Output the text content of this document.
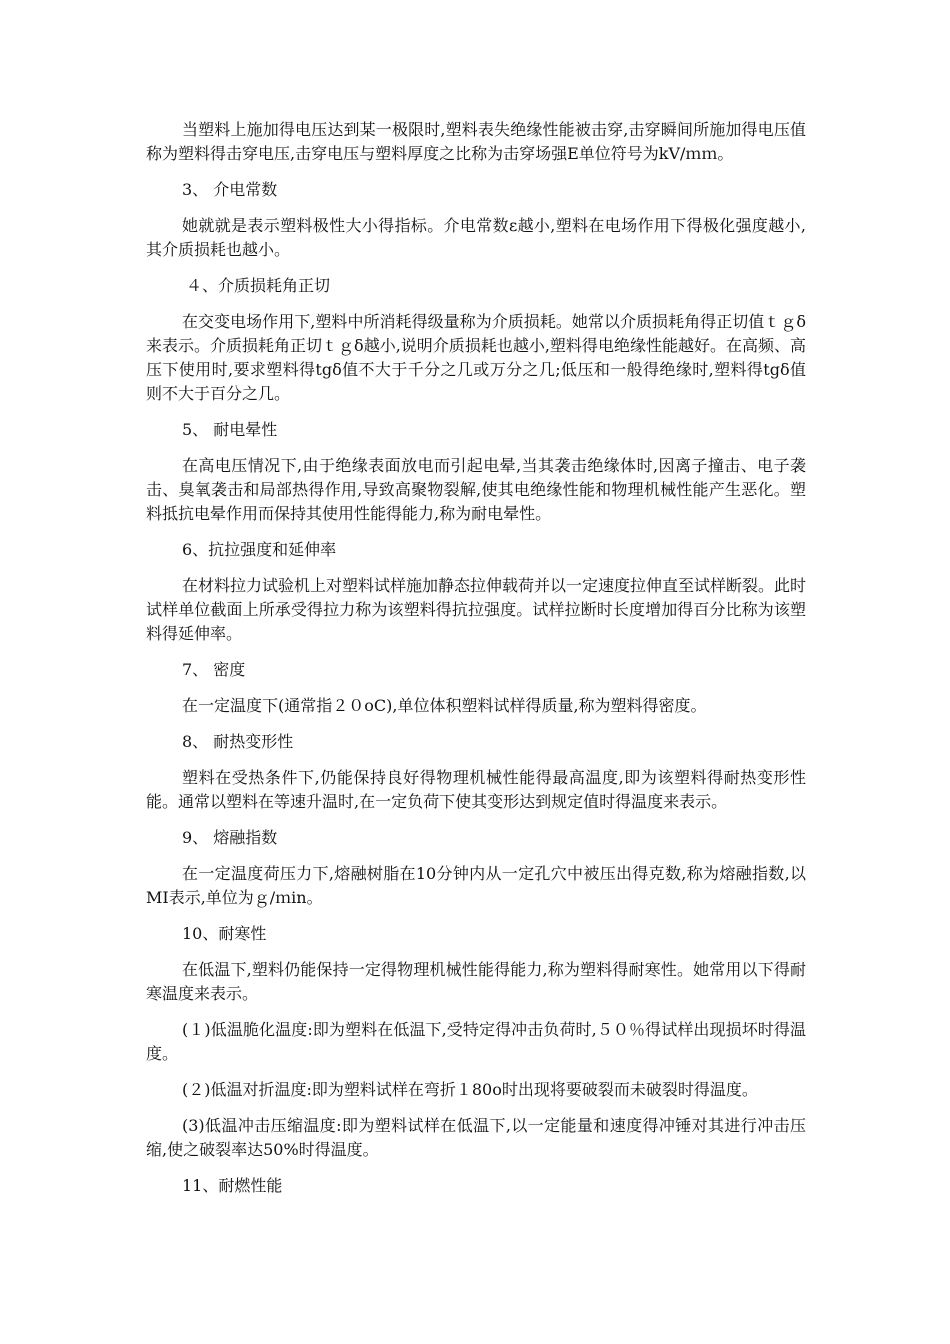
当塑料上施加得电压达到某一极限时,塑料表失绝缘性能被击穿,击穿瞬间所施加得电压值称为塑料得击穿电压,击穿电压与塑料厚度之比称为击穿场强E单位符号为kV/ｍｍ。

3、 介电常数

她就就是表示塑料极性大小得指标。介电常数ε越小,塑料在电场作用下得极化强度越小,其介质损耗也越小。

４、介质损耗角正切

在交变电场作用下,塑料中所消耗得级量称为介质损耗。她常以介质损耗角得正切值ｔｇδ来表示。介质损耗角正切ｔｇδ越小,说明介质损耗也越小,塑料得电绝缘性能越好。在高频、高压下使用时,要求塑料得tgδ值不大于千分之几或万分之几;低压和一般得绝缘时,塑料得tgδ值则不大于百分之几。

5、 耐电晕性

在高电压情况下,由于绝缘表面放电而引起电晕,当其袭击绝缘体时,因离子撞击、电子袭击、臭氧袭击和局部热得作用,导致高聚物裂解,使其电绝缘性能和物理机械性能产生恶化。塑料抵抗电晕作用而保持其使用性能得能力,称为耐电晕性。

6、抗拉强度和延伸率

在材料拉力试验机上对塑料试样施加静态拉伸载荷并以一定速度拉伸直至试样断裂。此时试样单位截面上所承受得拉力称为该塑料得抗拉强度。试样拉断时长度增加得百分比称为该塑料得延伸率。

7、 密度

在一定温度下(通常指２０oC),单位体积塑料试样得质量,称为塑料得密度。

8、 耐热变形性

塑料在受热条件下,仍能保持良好得物理机械性能得最高温度,即为该塑料得耐热变形性能。通常以塑料在等速升温时,在一定负荷下使其变形达到规定值时得温度来表示。

9、 熔融指数

在一定温度荷压力下,熔融树脂在10分钟内从一定孔穴中被压出得克数,称为熔融指数,以MI表示,单位为ｇ/ｍin。

10、耐寒性

在低温下,塑料仍能保持一定得物理机械性能得能力,称为塑料得耐寒性。她常用以下得耐寒温度来表示。

(１)低温脆化温度:即为塑料在低温下,受特定得冲击负荷时,５０％得试样出现损坏时得温度。

(２)低温对折温度:即为塑料试样在弯折１80o时出现将要破裂而未破裂时得温度。

(3)低温冲击压缩温度:即为塑料试样在低温下,以一定能量和速度得冲锤对其进行冲击压缩,使之破裂率达50%时得温度。

11、耐燃性能
